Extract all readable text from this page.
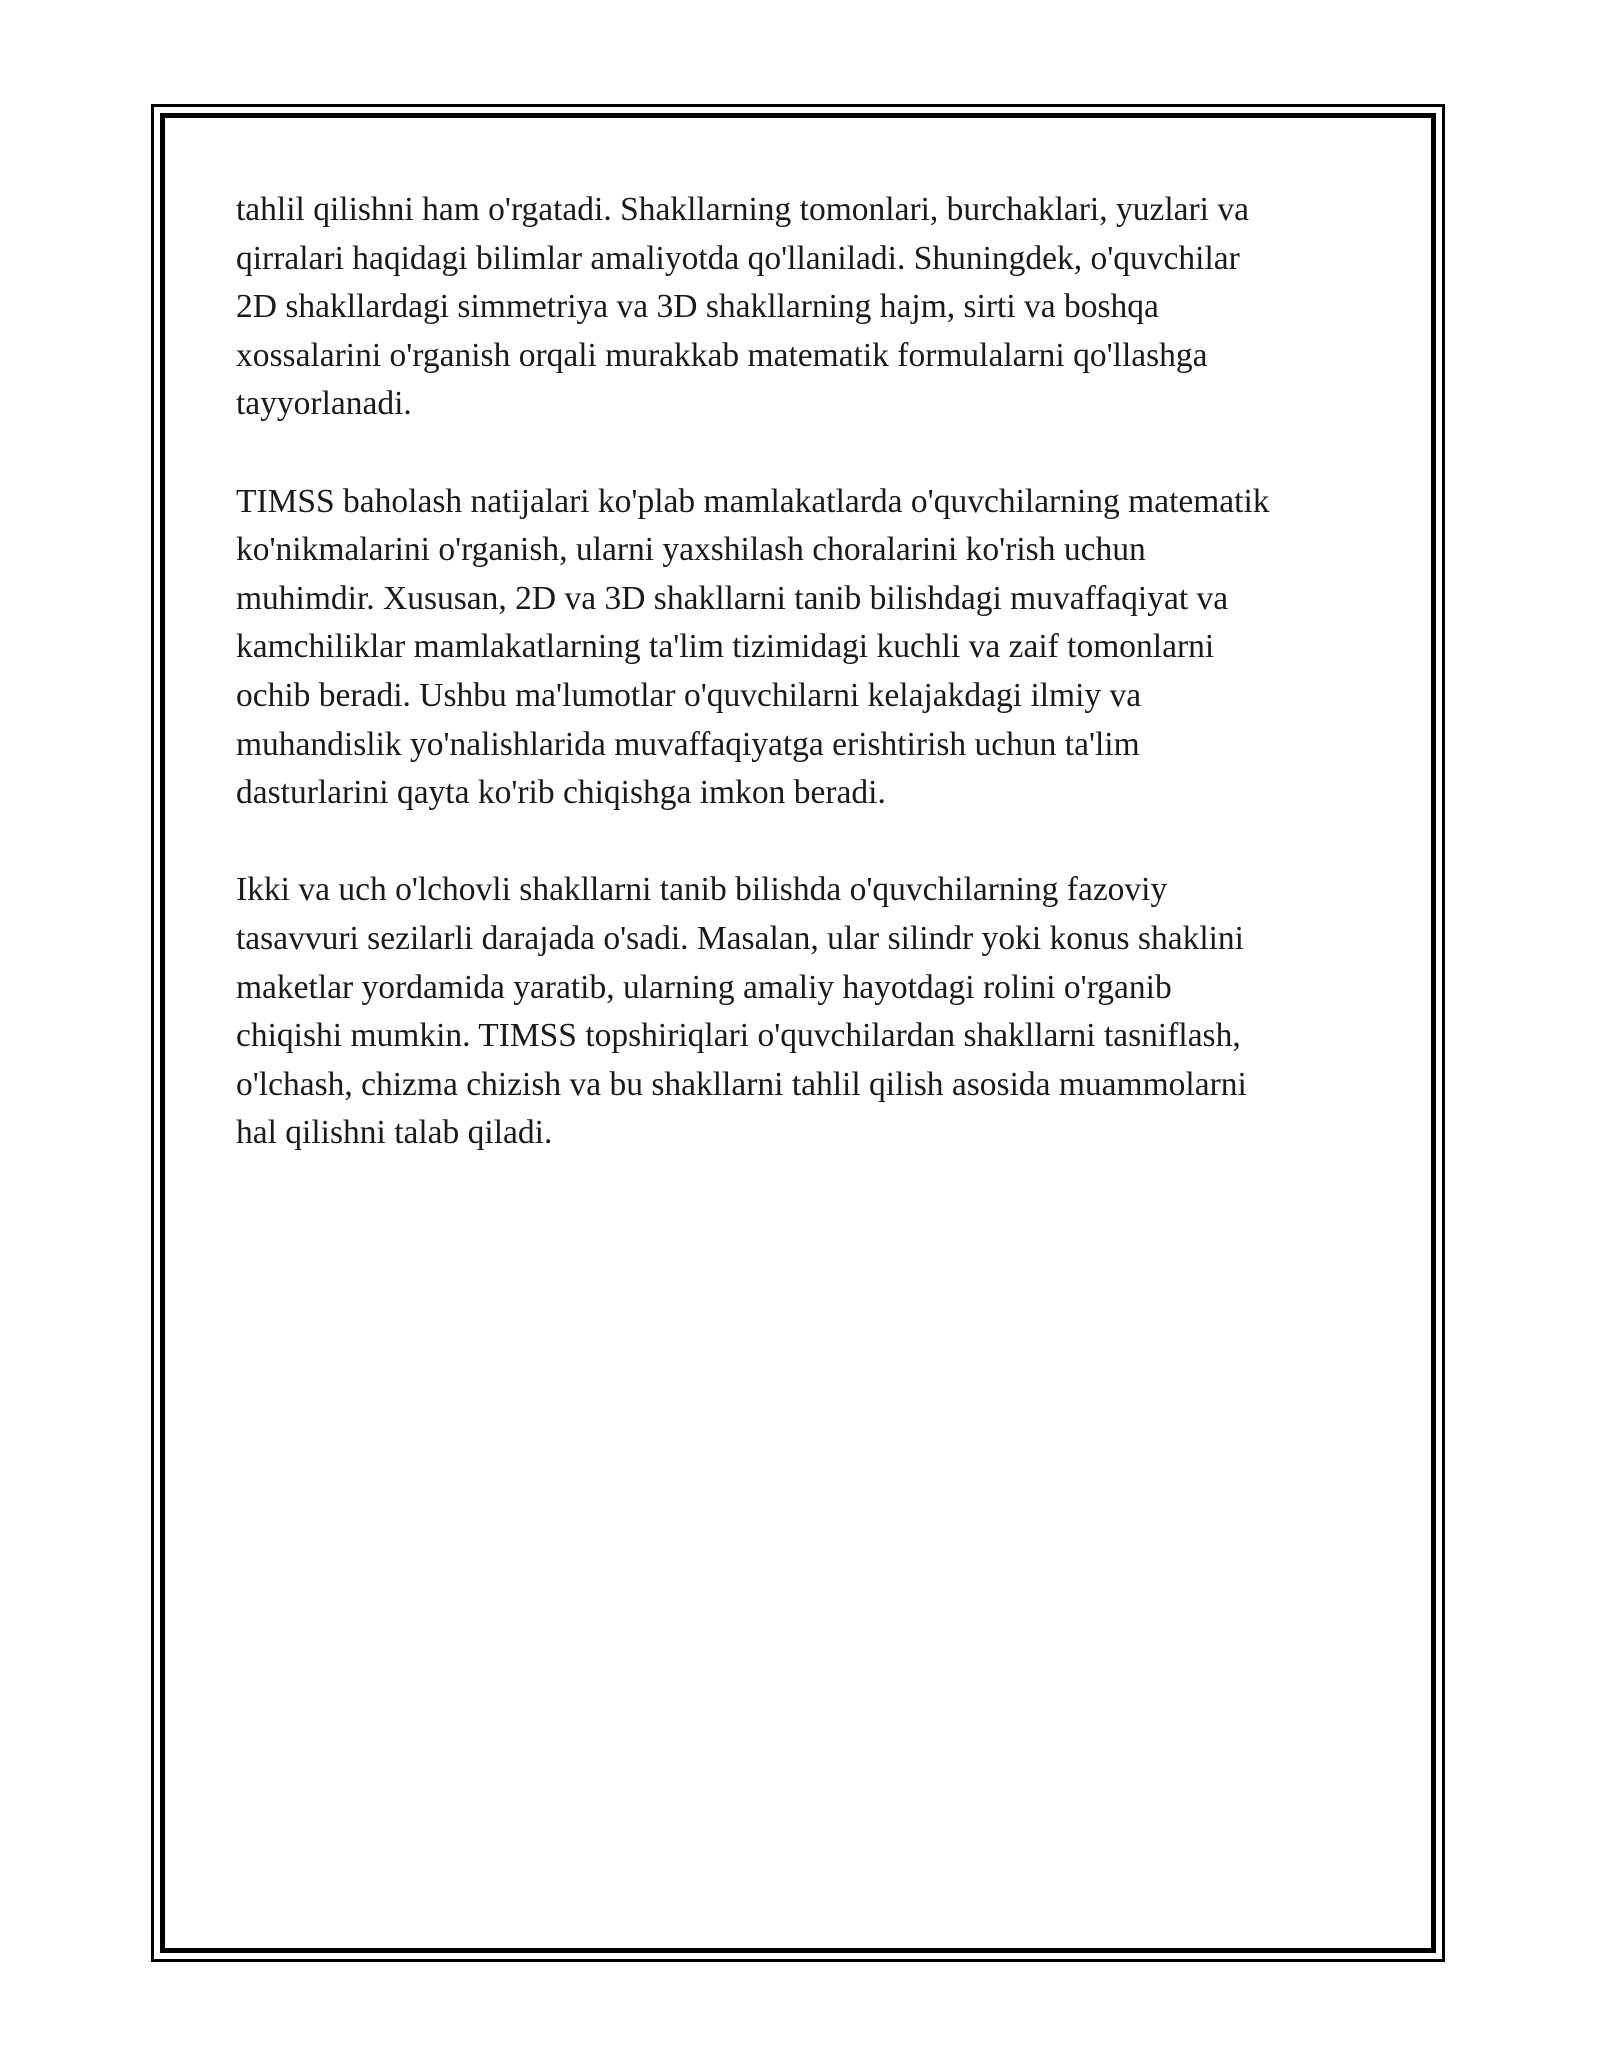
tahlil qilishni ham o'rgatadi. Shakllarning tomonlari, burchaklari, yuzlari va
qirralari haqidagi bilimlar amaliyotda qo'llaniladi. Shuningdek, o'quvchilar
2D shakllardagi simmetriya va 3D shakllarning hajm, sirti va boshqa
xossalarini o'rganish orqali murakkab matematik formulalarni qo'llashga
tayyorlanadi.

TIMSS baholash natijalari ko'plab mamlakatlarda o'quvchilarning matematik
ko'nikmalarini o'rganish, ularni yaxshilash choralarini ko'rish uchun
muhimdir. Xususan, 2D va 3D shakllarni tanib bilishdagi muvaffaqiyat va
kamchiliklar mamlakatlarning ta'lim tizimidagi kuchli va zaif tomonlarni
ochib beradi. Ushbu ma'lumotlar o'quvchilarni kelajakdagi ilmiy va
muhandislik yo'nalishlarida muvaffaqiyatga erishtirish uchun ta'lim
dasturlarini qayta ko'rib chiqishga imkon beradi.

Ikki va uch o'lchovli shakllarni tanib bilishda o'quvchilarning fazoviy
tasavvuri sezilarli darajada o'sadi. Masalan, ular silindr yoki konus shaklini
maketlar yordamida yaratib, ularning amaliy hayotdagi rolini o'rganib
chiqishi mumkin. TIMSS topshiriqlari o'quvchilardan shakllarni tasniflash,
o'lchash, chizma chizish va bu shakllarni tahlil qilish asosida muammolarni
hal qilishni talab qiladi.
